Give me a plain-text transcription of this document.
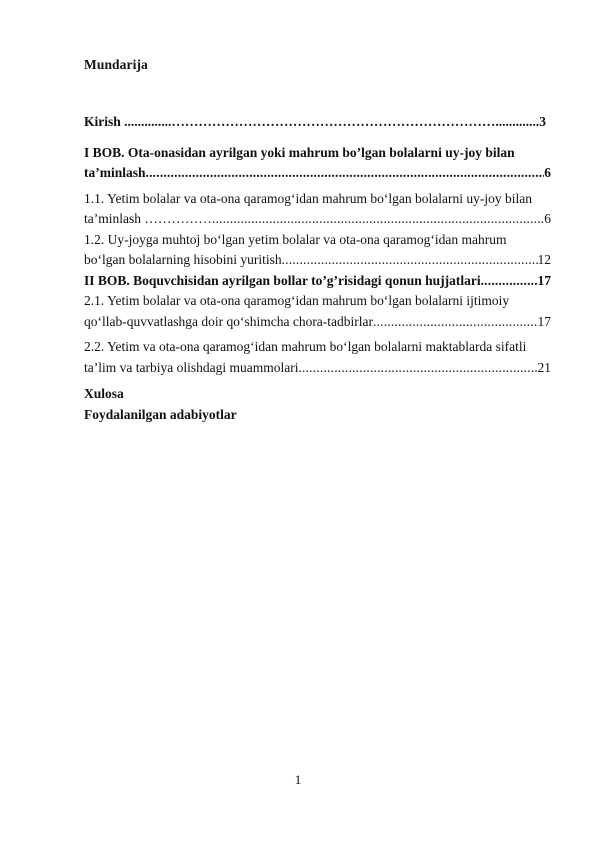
Mundarija
Kirish ..............………………………………………………………………............. 3
I BOB. Ota-onasidan ayrilgan yoki mahrum bo’lgan bolalarni uy-joy bilan
ta’minlash .....	6
1.1. Yetim bolalar va ota-ona qaramog‘idan mahrum bo‘lgan bolalarni uy-joy bilan
ta’minlash …………… .....	6
1.2. Uy-joyga muhtoj bo‘lgan yetim bolalar va ota-ona qaramog‘idan mahrum
bo‘lgan bolalarning hisobini yuritish .....	12
II BOB. Boquvchisidan ayrilgan bollar to’g’risidagi qonun hujjatlari .....	17
2.1. Yetim bolalar va ota-ona qaramog‘idan mahrum bo‘lgan bolalarni ijtimoiy
qo‘llab-quvvatlashga doir qo‘shimcha chora-tadbirlar .....	17
2.2. Yetim va ota-ona qaramog‘idan mahrum bo‘lgan bolalarni maktablarda sifatli
ta’lim va tarbiya olishdagi muammolari .....	21
Xulosa
Foydalanilgan adabiyotlar
1
